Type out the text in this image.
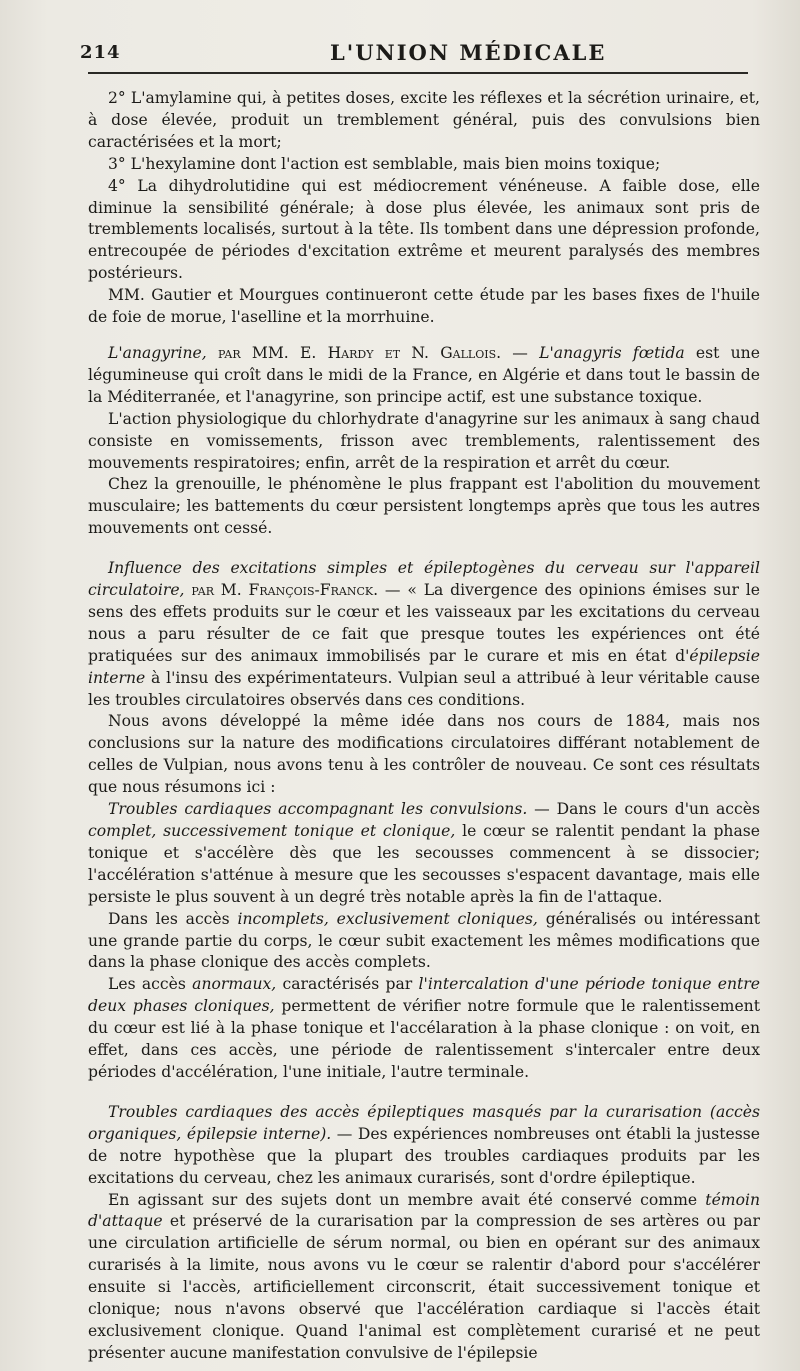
214	L'UNION MÉDICALE

2° L'amylamine qui, à petites doses, excite les réflexes et la sécrétion urinaire, et, à dose élevée, produit un tremblement général, puis des convulsions bien caractérisées et la mort;

3° L'hexylamine dont l'action est semblable, mais bien moins toxique;

4° La dihydrolutidine qui est médiocrement vénéneuse. A faible dose, elle diminue la sensibilité générale; à dose plus élevée, les animaux sont pris de tremblements localisés, surtout à la tête. Ils tombent dans une dépression profonde, entrecoupée de périodes d'excitation extrême et meurent paralysés des membres postérieurs.

MM. Gautier et Mourgues continueront cette étude par les bases fixes de l'huile de foie de morue, l'aselline et la morrhuine.

L'anagyrine, par MM. E. Hardy et N. Gallois. — L'anagyris fœtida est une légumineuse qui croît dans le midi de la France, en Algérie et dans tout le bassin de la Méditerranée, et l'anagyrine, son principe actif, est une substance toxique.

L'action physiologique du chlorhydrate d'anagyrine sur les animaux à sang chaud consiste en vomissements, frisson avec tremblements, ralentissement des mouvements respiratoires; enfin, arrêt de la respiration et arrêt du cœur.

Chez la grenouille, le phénomène le plus frappant est l'abolition du mouvement musculaire; les battements du cœur persistent longtemps après que tous les autres mouvements ont cessé.

Influence des excitations simples et épileptogènes du cerveau sur l'appareil circulatoire, par M. François-Franck. — « La divergence des opinions émises sur le sens des effets produits sur le cœur et les vaisseaux par les excitations du cerveau nous a paru résulter de ce fait que presque toutes les expériences ont été pratiquées sur des animaux immobilisés par le curare et mis en état d'épilepsie interne à l'insu des expérimentateurs. Vulpian seul a attribué à leur véritable cause les troubles circulatoires observés dans ces conditions.

Nous avons développé la même idée dans nos cours de 1884, mais nos conclusions sur la nature des modifications circulatoires différant notablement de celles de Vulpian, nous avons tenu à les contrôler de nouveau. Ce sont ces résultats que nous résumons ici :

Troubles cardiaques accompagnant les convulsions. — Dans le cours d'un accès complet, successivement tonique et clonique, le cœur se ralentit pendant la phase tonique et s'accélère dès que les secousses commencent à se dissocier; l'accélération s'atténue à mesure que les secousses s'espacent davantage, mais elle persiste le plus souvent à un degré très notable après la fin de l'attaque.

Dans les accès incomplets, exclusivement cloniques, généralisés ou intéressant une grande partie du corps, le cœur subit exactement les mêmes modifications que dans la phase clonique des accès complets.

Les accès anormaux, caractérisés par l'intercalation d'une période tonique entre deux phases cloniques, permettent de vérifier notre formule que le ralentissement du cœur est lié à la phase tonique et l'accélaration à la phase clonique : on voit, en effet, dans ces accès, une période de ralentissement s'intercaler entre deux périodes d'accélération, l'une initiale, l'autre terminale.

Troubles cardiaques des accès épileptiques masqués par la curarisation (accès organiques, épilepsie interne). — Des expériences nombreuses ont établi la justesse de notre hypothèse que la plupart des troubles cardiaques produits par les excitations du cerveau, chez les animaux curarisés, sont d'ordre épileptique.

En agissant sur des sujets dont un membre avait été conservé comme témoin d'attaque et préservé de la curarisation par la compression de ses artères ou par une circulation artificielle de sérum normal, ou bien en opérant sur des animaux curarisés à la limite, nous avons vu le cœur se ralentir d'abord pour s'accélérer ensuite si l'accès, artificiellement circonscrit, était successivement tonique et clonique; nous n'avons observé que l'accélération cardiaque si l'accès était exclusivement clonique. Quand l'animal est complètement curarisé et ne peut présenter aucune manifestation convulsive de l'épilepsie
